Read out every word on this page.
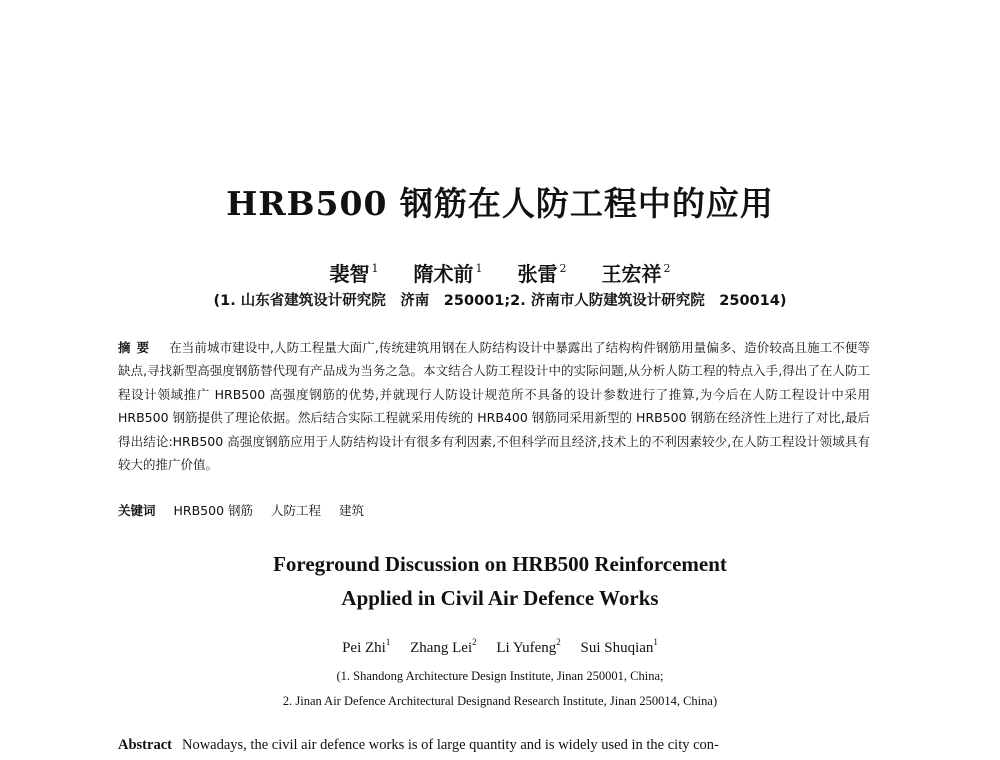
HRB500 钢筋在人防工程中的应用
裴智 $^1$ 隋术前 $^1$ 张雷 $^2$ 王宏祥 $^2$
(1. 山东省建筑设计研究院　济南　250001;2. 济南市人防建筑设计研究院　250014)
摘要 在当前城市建设中,人防工程量大面广,传统建筑用钢在人防结构设计中暴露出了结构构件钢筋用量偏多、造价较高且施工不便等缺点,寻找新型高强度钢筋替代现有产品成为当务之急。本文结合人防工程设计中的实际问题,从分析人防工程的特点入手,得出了在人防工程设计领域推广 HRB500 高强度钢筋的优势,并就现行人防设计规范所不具备的设计参数进行了推算,为今后在人防工程设计中采用 HRB500 钢筋提供了理论依据。然后结合实际工程就采用传统的 HRB400 钢筋同采用新型的 HRB500 钢筋在经济性上进行了对比,最后得出结论:HRB500 高强度钢筋应用于人防结构设计有很多有利因素,不但科学而且经济,技术上的不利因素较少,在人防工程设计领域具有较大的推广价值。
关键词 HRB500 钢筋 人防工程 建筑
Foreground Discussion on HRB500 Reinforcement
Applied in Civil Air Defence Works
Pei Zhi$^1$ Zhang Lei$^2$ Li Yufeng$^2$ Sui Shuqian$^1$
(1. Shandong Architecture Design Institute, Jinan 250001, China;
2. Jinan Air Defence Architectural Designand Research Institute, Jinan 250014, China)
Abstract Nowadays, the civil air defence works is of large quantity and is widely used in the city con-
